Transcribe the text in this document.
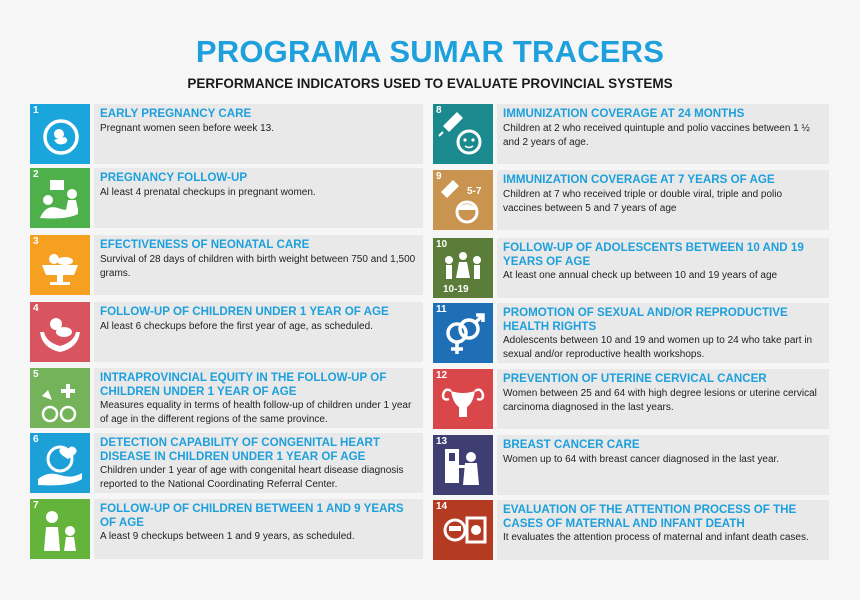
PROGRAMA SUMAR TRACERS
PERFORMANCE INDICATORS USED TO EVALUATE PROVINCIAL SYSTEMS
1	EARLY PREGNANCY CARE

Pregnant women seen before week 13.

2	PREGNANCY FOLLOW-UP

Al least 4 prenatal checkups in pregnant women.

3	EFECTIVENESS OF NEONATAL CARE

Survival of 28 days of children with birth weight between 750 and 1,500 grams.

4	FOLLOW-UP OF CHILDREN UNDER 1 YEAR OF AGE

Al least 6 checkups before the first year of age, as scheduled.

5	INTRAPROVINCIAL EQUITY IN THE FOLLOW-UP OF CHILDREN UNDER 1 YEAR OF AGE

Measures equality in terms of health follow-up of children under 1 year of age in the different regions of the same province.

6	DETECTION CAPABILITY OF CONGENITAL HEART DISEASE IN CHILDREN UNDER 1 YEAR OF AGE

Children under 1 year of age with congenital heart disease diagnosis reported to the National Coordinating Referral Center.

7	FOLLOW-UP OF CHILDREN BETWEEN 1 AND 9 YEARS OF AGE

A least 9 checkups between 1 and 9 years, as scheduled.

8	IMMUNIZATION COVERAGE AT 24 MONTHS

Children at 2 who received quintuple and polio vaccines between 1 ½ and 2 years of age.

5-7
9	IMMUNIZATION COVERAGE AT 7 YEARS OF AGE

Children at 7 who received triple or double viral, triple and polio vaccines between 5 and 7 years of age

10-19
10	FOLLOW-UP OF ADOLESCENTS BETWEEN 10 AND 19 YEARS OF AGE

At least one annual check up between 10 and 19 years of age

11	PROMOTION OF SEXUAL AND/OR REPRODUCTIVE HEALTH RIGHTS

Adolescents between 10 and 19 and women up to 24 who take part in sexual and/or reproductive health workshops.

12	PREVENTION OF UTERINE CERVICAL CANCER

Women between 25 and 64 with high degree lesions or uterine cervical carcinoma diagnosed in the last years.

13	BREAST CANCER CARE

Women up to 64 with breast cancer diagnosed in the last year.

14	EVALUATION OF THE ATTENTION PROCESS OF THE CASES OF MATERNAL AND INFANT DEATH

It evaluates the attention process of maternal and infant death cases.
